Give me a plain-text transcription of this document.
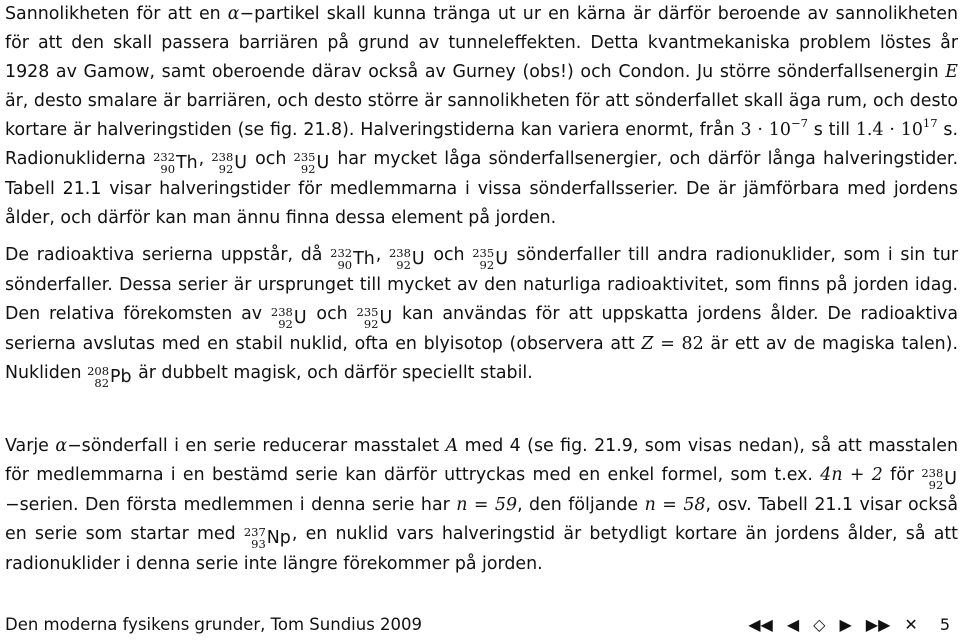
Sannolikheten för att en α−partikel skall kunna tränga ut ur en kärna är därför beroende av sannolikheten för att den skall passera barriären på grund av tunneleffekten. Detta kvantmekaniska problem löstes år 1928 av Gamow, samt oberoende därav också av Gurney (obs!) och Condon. Ju större sönderfallsenergin E är, desto smalare är barriären, och desto större är sannolikheten för att sönderfallet skall äga rum, och desto kortare är halveringstiden (se fig. 21.8). Halveringstiderna kan variera enormt, från $3 \cdot 10^{-7}$ s till $1.4 \cdot 10^{17}$ s. Radionukliderna 232
90 Th, 238
92 U och 235
92 U har mycket låga sönderfallsenergier, och därför långa halveringstider. Tabell 21.1 visar halveringstider för medlemmarna i vissa sönderfallsserier. De är jämförbara med jordens ålder, och därför kan man ännu finna dessa element på jorden.

De radioaktiva serierna uppstår, då 232
90 Th, 238
92 U och 235
92 U sönderfaller till andra radionuklider, som i sin tur sönderfaller. Dessa serier är ursprunget till mycket av den naturliga radioaktivitet, som finns på jorden idag. Den relativa förekomsten av 238
92 U och 235
92 U kan användas för att uppskatta jordens ålder. De radioaktiva serierna avslutas med en stabil nuklid, ofta en blyisotop (observera att Z = 82 är ett av de magiska talen). Nukliden 208
82 Pb är dubbelt magisk, och därför speciellt stabil.

Varje α−sönderfall i en serie reducerar masstalet A med 4 (se fig. 21.9, som visas nedan), så att masstalen för medlemmarna i en bestämd serie kan därför uttryckas med en enkel formel, som t.ex. 4n + 2 för 238
92 U−serien. Den första medlemmen i denna serie har n = 59, den följande n = 58, osv. Tabell 21.1 visar också en serie som startar med 237
93 Np, en nuklid vars halveringstid är betydligt kortare än jordens ålder, så att radionuklider i denna serie inte längre förekommer på jorden.

Den moderna fysikens grunder, Tom Sundius 2009	◀◀ ◀ ◇ ▶ ▶▶ ✕ 5
